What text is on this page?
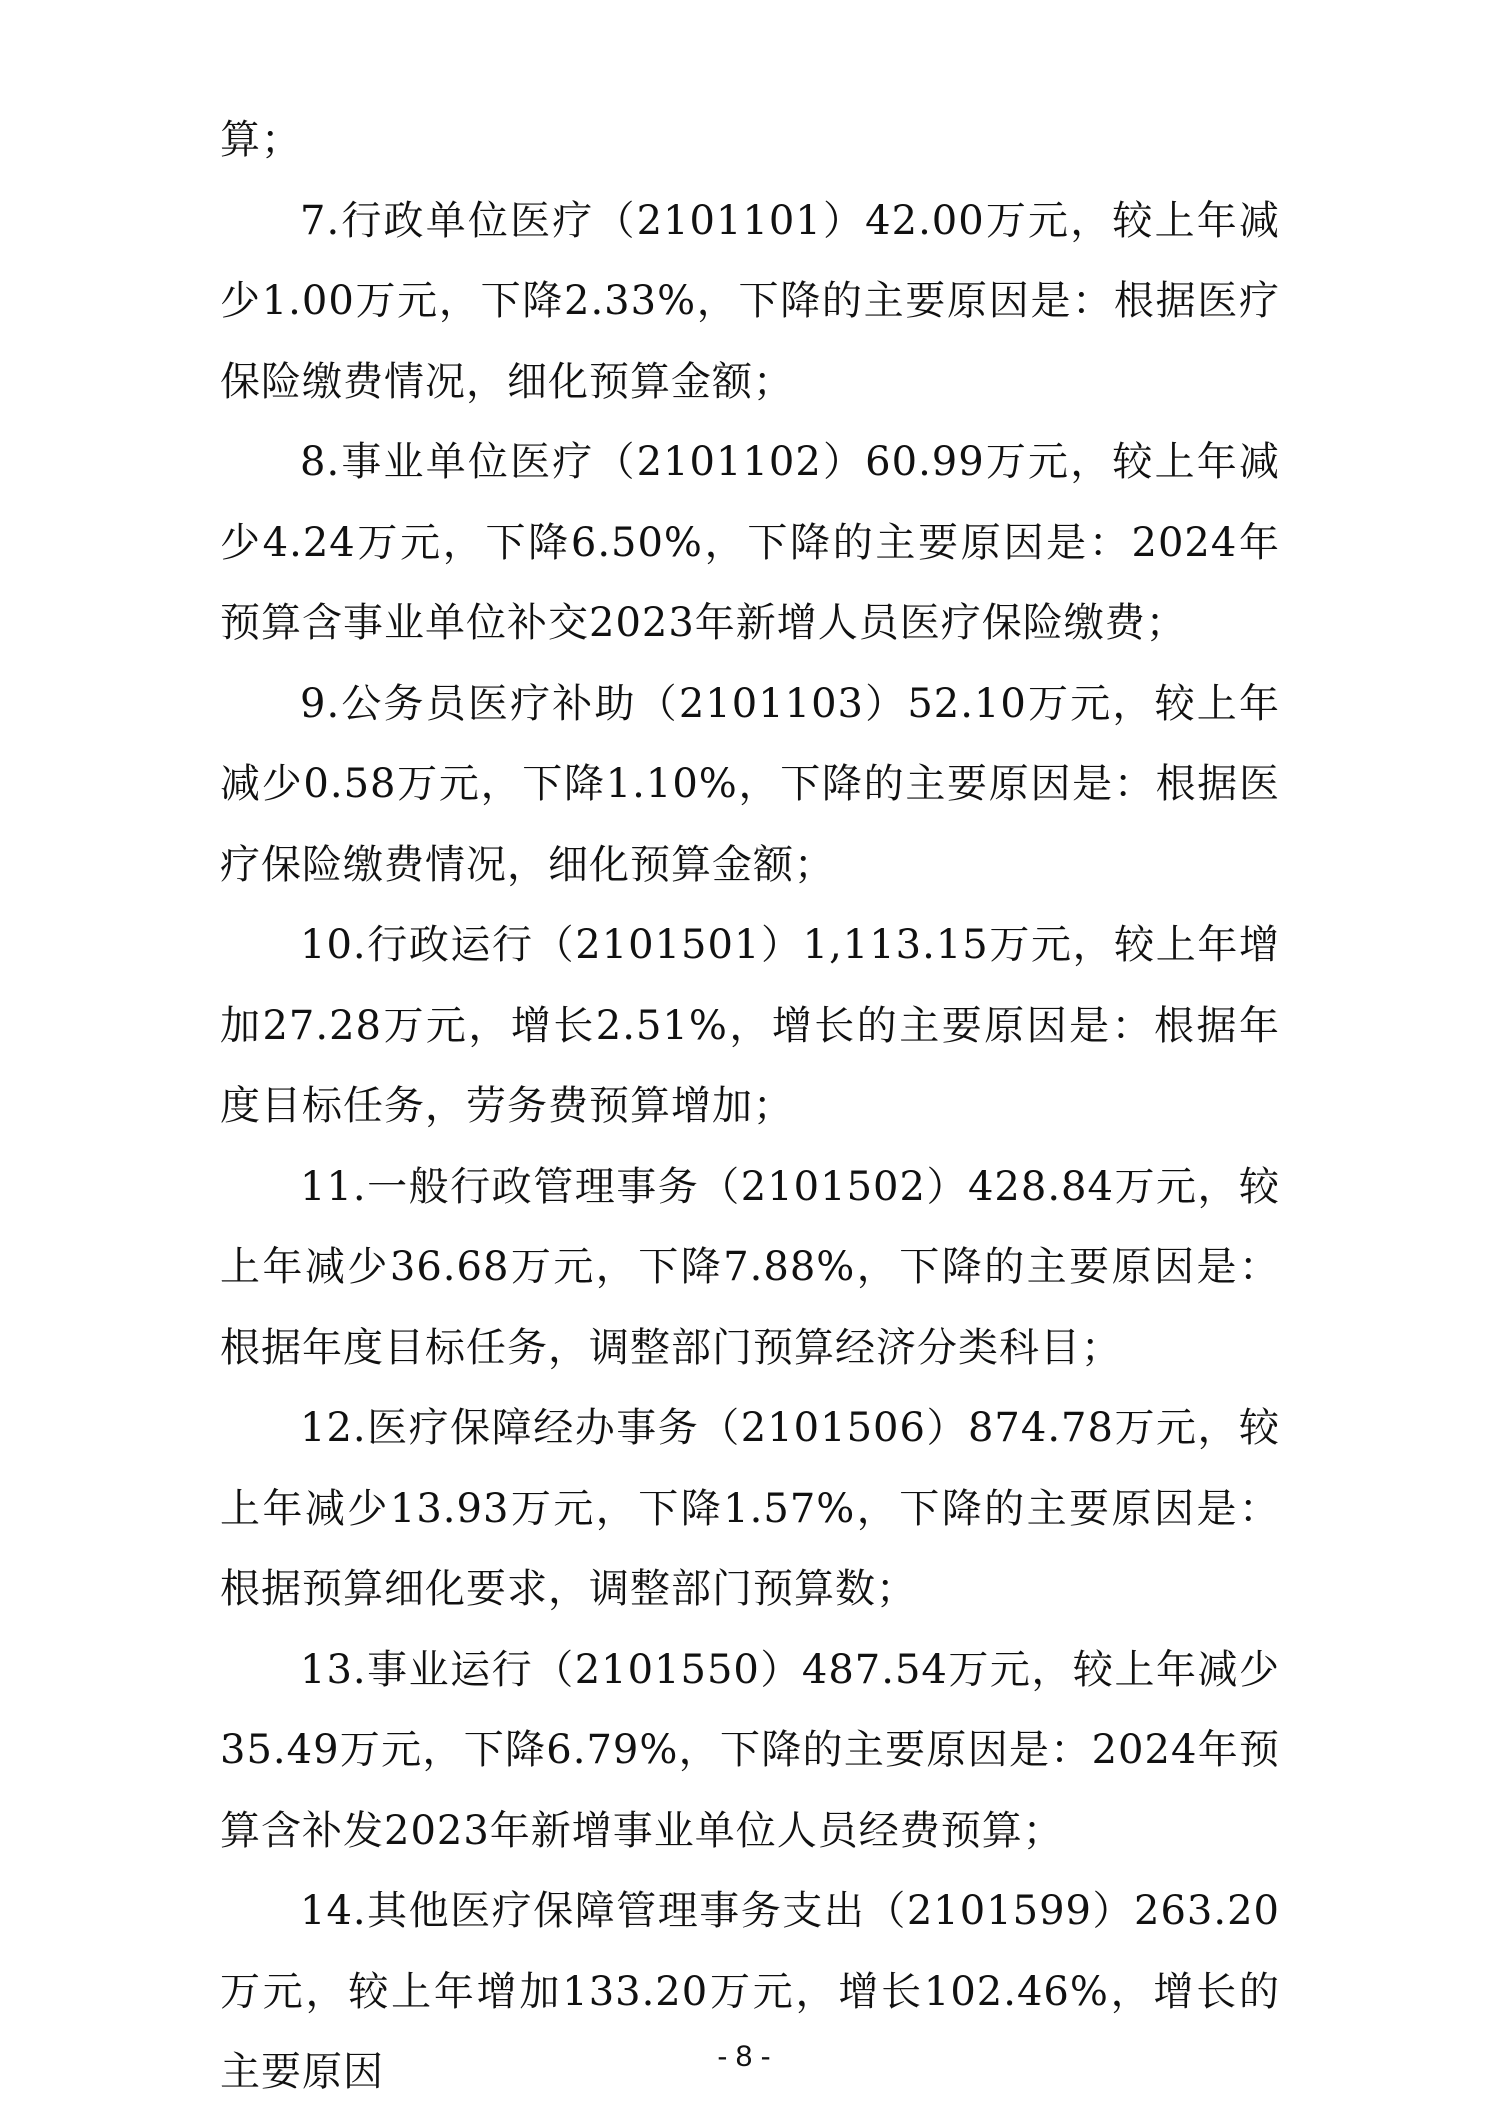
算；

7.行政单位医疗（2101101）42.00万元，较上年减少1.00万元，下降2.33%，下降的主要原因是：根据医疗保险缴费情况，细化预算金额；

8.事业单位医疗（2101102）60.99万元，较上年减少4.24万元，下降6.50%，下降的主要原因是：2024年预算含事业单位补交2023年新增人员医疗保险缴费；

9.公务员医疗补助（2101103）52.10万元，较上年减少0.58万元，下降1.10%，下降的主要原因是：根据医疗保险缴费情况，细化预算金额；

10.行政运行（2101501）1,113.15万元，较上年增加27.28万元，增长2.51%，增长的主要原因是：根据年度目标任务，劳务费预算增加；

11.一般行政管理事务（2101502）428.84万元，较上年减少36.68万元，下降7.88%，下降的主要原因是：根据年度目标任务，调整部门预算经济分类科目；

12.医疗保障经办事务（2101506）874.78万元，较上年减少13.93万元，下降1.57%，下降的主要原因是：根据预算细化要求，调整部门预算数；

13.事业运行（2101550）487.54万元，较上年减少35.49万元，下降6.79%，下降的主要原因是：2024年预算含补发2023年新增事业单位人员经费预算；

14.其他医疗保障管理事务支出（2101599）263.20万元，较上年增加133.20万元，增长102.46%，增长的主要原因	- 8 -
